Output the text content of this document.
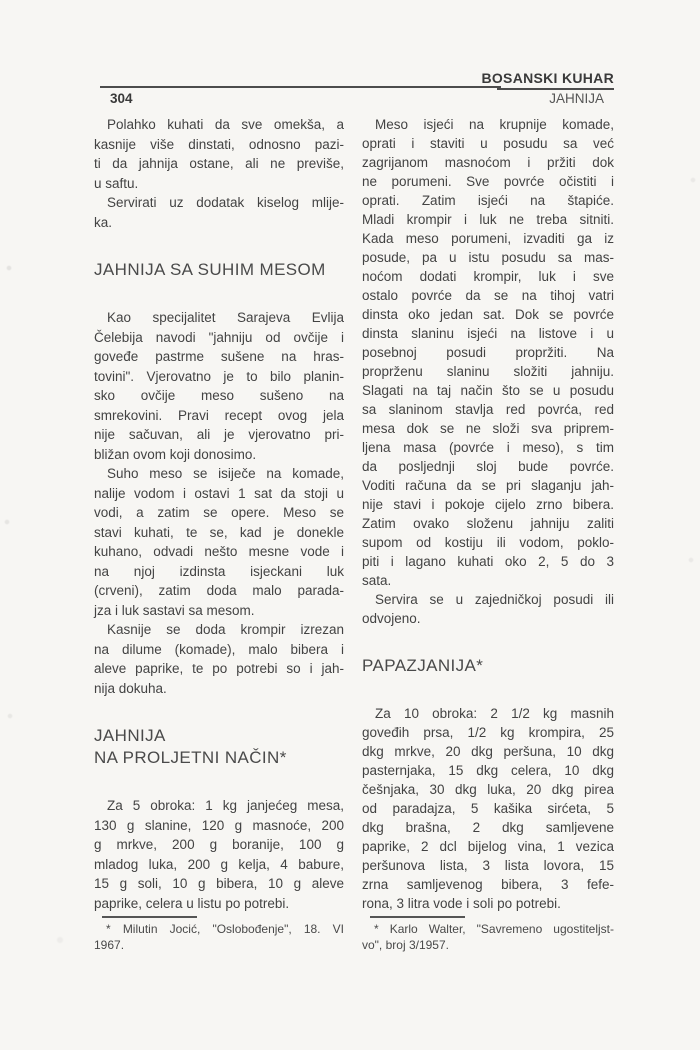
BOSANSKI KUHAR
304	JAHNIJA
Polahko kuhati da sve omekša, a
kasnije više dinstati, odnosno pazi-
ti da jahnija ostane, ali ne previše,
u saftu.
Servirati uz dodatak kiselog mlije-
ka.
JAHNIJA SA SUHIM MESOM
Kao specijalitet Sarajeva Evlija
Čelebija navodi "jahniju od ovčije i
goveđe pastrme sušene na hras-
tovini". Vjerovatno je to bilo planin-
sko ovčije meso sušeno na
smrekovini. Pravi recept ovog jela
nije sačuvan, ali je vjerovatno pri-
bližan ovom koji donosimo.
Suho meso se isiječe na komade,
nalije vodom i ostavi 1 sat da stoji u
vodi, a zatim se opere. Meso se
stavi kuhati, te se, kad je donekle
kuhano, odvadi nešto mesne vode i
na njoj izdinsta isjeckani luk
(crveni), zatim doda malo parada-
jza i luk sastavi sa mesom.
Kasnije se doda krompir izrezan
na dilume (komade), malo bibera i
aleve paprike, te po potrebi so i jah-
nija dokuha.
JAHNIJA
NA PROLJETNI NAČIN*
Za 5 obroka: 1 kg janjećeg mesa,
130 g slanine, 120 g masnoće, 200
g mrkve, 200 g boranije, 100 g
mladog luka, 200 g kelja, 4 babure,
15 g soli, 10 g bibera, 10 g aleve
paprike, celera u listu po potrebi.
* Milutin Jocić, "Oslobođenje", 18. VI
1967.
Meso isjeći na krupnije komade,
oprati i staviti u posudu sa već
zagrijanom masnoćom i pržiti dok
ne porumeni. Sve povrće očistiti i
oprati. Zatim isjeći na štapiće.
Mladi krompir i luk ne treba sitniti.
Kada meso porumeni, izvaditi ga iz
posude, pa u istu posudu sa mas-
noćom dodati krompir, luk i sve
ostalo povrće da se na tihoj vatri
dinsta oko jedan sat. Dok se povrće
dinsta slaninu isjeći na listove i u
posebnoj posudi propržiti. Na
proprženu slaninu složiti jahniju.
Slagati na taj način što se u posudu
sa slaninom stavlja red povrća, red
mesa dok se ne složi sva priprem-
ljena masa (povrće i meso), s tim
da posljednji sloj bude povrće.
Voditi računa da se pri slaganju jah-
nije stavi i pokoje cijelo zrno bibera.
Zatim ovako složenu jahniju zaliti
supom od kostiju ili vodom, poklo-
piti i lagano kuhati oko 2, 5 do 3
sata.
Servira se u zajedničkoj posudi ili
odvojeno.
PAPAZJANIJA*
Za 10 obroka: 2 1/2 kg masnih
goveđih prsa, 1/2 kg krompira, 25
dkg mrkve, 20 dkg peršuna, 10 dkg
pasternjaka, 15 dkg celera, 10 dkg
češnjaka, 30 dkg luka, 20 dkg pirea
od paradajza, 5 kašika sirćeta, 5
dkg brašna, 2 dkg samljevene
paprike, 2 dcl bijelog vina, 1 vezica
peršunova lista, 3 lista lovora, 15
zrna samljevenog bibera, 3 fefe-
rona, 3 litra vode i soli po potrebi.
* Karlo Walter, "Savremeno ugostiteljst-
vo", broj 3/1957.
